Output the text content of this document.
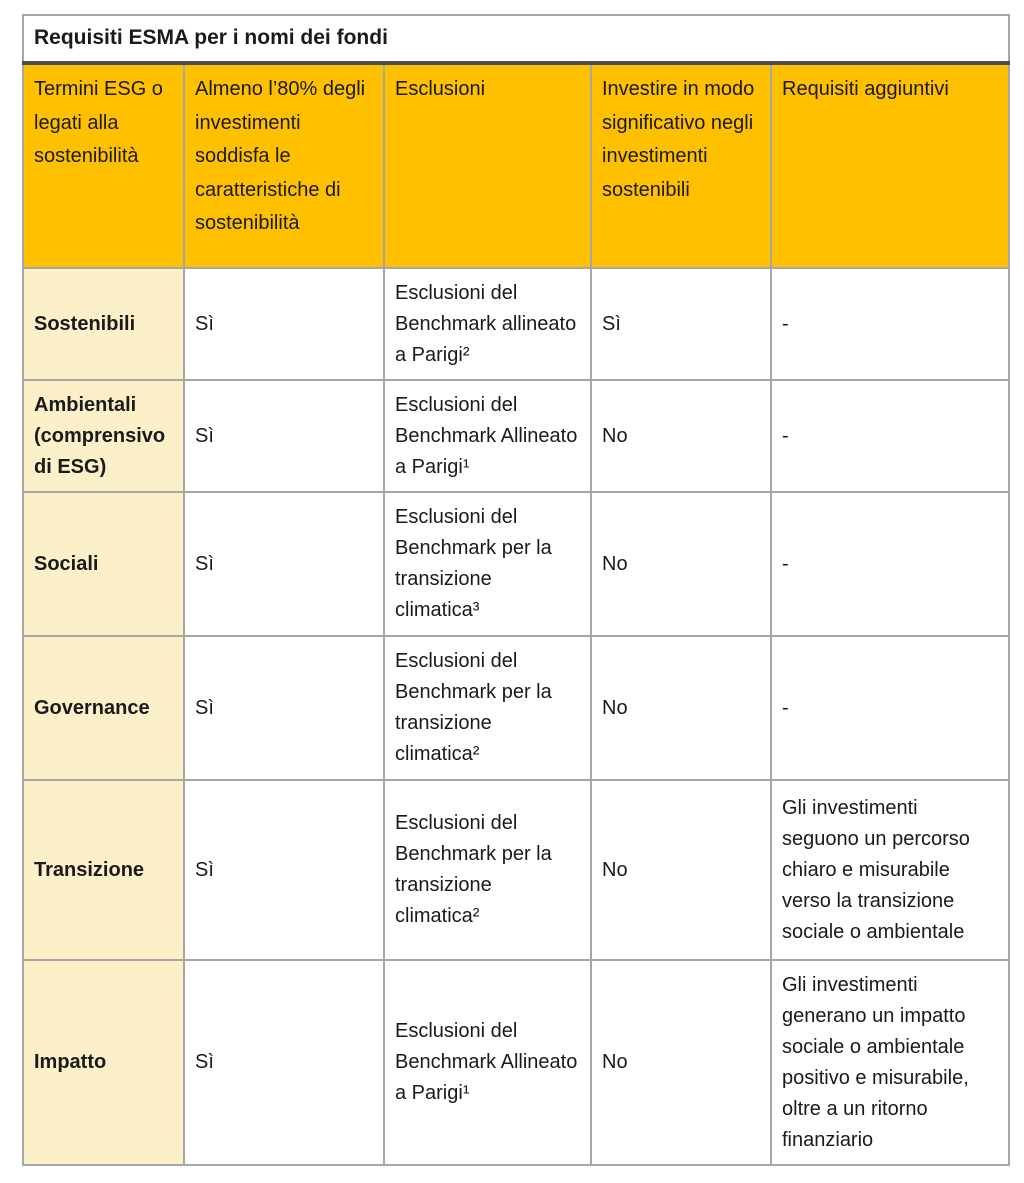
Requisiti ESMA per i nomi dei fondi				
Termini ESG o legati alla sostenibilità	Almeno l’80% degli investimenti soddisfa le caratteristiche di sostenibilità	Esclusioni	Investire in modo significativo negli investimenti sostenibili	Requisiti aggiuntivi
Sostenibili	Sì	Esclusioni del Benchmark allineato a Parigi²	Sì	-
Ambientali (comprensivo di ESG)	Sì	Esclusioni del Benchmark Allineato a Parigi¹	No	-
Sociali	Sì	Esclusioni del Benchmark per la transizione climatica³	No	-
Governance	Sì	Esclusioni del Benchmark per la transizione climatica²	No	-
Transizione	Sì	Esclusioni del Benchmark per la transizione climatica²	No	Gli investimenti seguono un percorso chiaro e misurabile verso la transizione sociale o ambientale
Impatto	Sì	Esclusioni del Benchmark Allineato a Parigi¹	No	Gli investimenti generano un impatto sociale o ambientale positivo e misurabile, oltre a un ritorno finanziario
